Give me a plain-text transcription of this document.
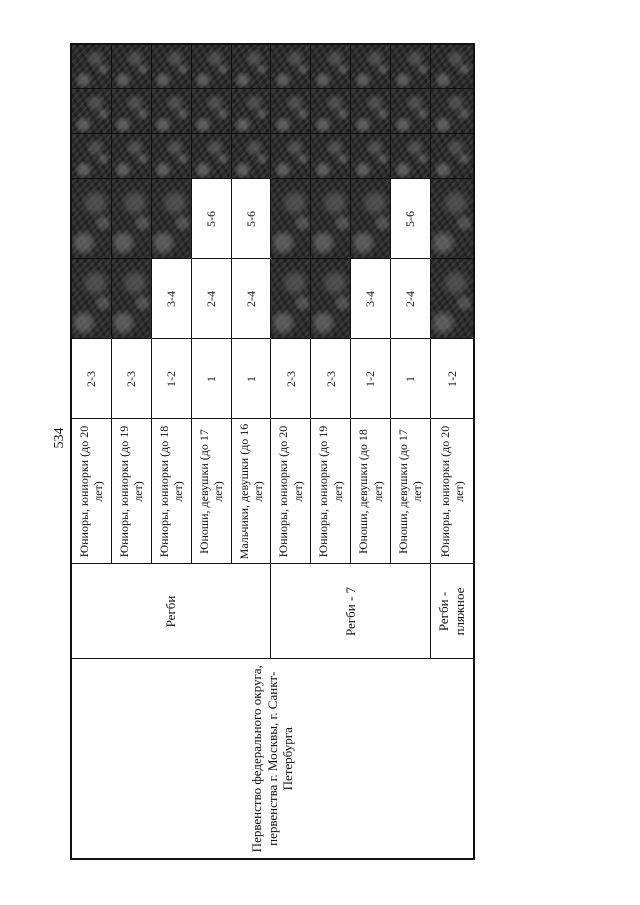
534
Первенство федерального округа, первенства г. Москвы, г. Санкт-Петербурга	Регби	Юниоры, юниорки (до 20 лет)	2-3					
		Юниоры, юниорки (до 19 лет)	2-3					
		Юниоры, юниорки (до 18 лет)	1-2	3-4				
		Юноши, девушки (до 17 лет)	1	2-4	5-6			
		Мальчики, девушки (до 16 лет)	1	2-4	5-6			
	Регби - 7	Юниоры, юниорки (до 20 лет)	2-3					
		Юниоры, юниорки (до 19 лет)	2-3					
		Юноши, девушки (до 18 лет)	1-2	3-4				
		Юноши, девушки (до 17 лет)	1	2-4	5-6			
	Регби - пляжное	Юниоры, юниорки (до 20 лет)	1-2					
